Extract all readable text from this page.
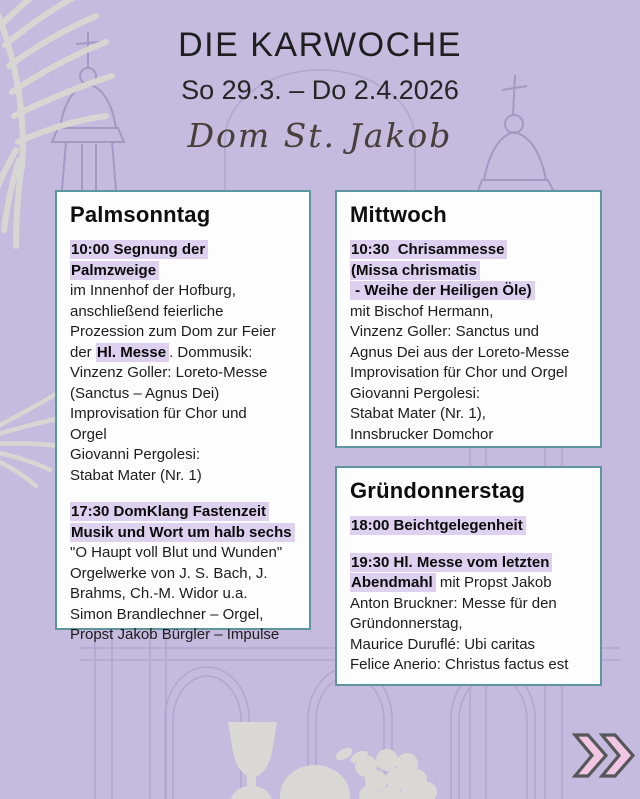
DIE KARWOCHE
So 29.3. – Do 2.4.2026
Dom St. Jakob
Palmsonntag

10:00 Segnung der Palmzweige
im Innenhof der Hofburg,
anschließend feierliche
Prozession zum Dom zur Feier
der Hl. Messe . Dommusik:
Vinzenz Goller: Loreto-Messe
(Sanctus – Agnus Dei)
Improvisation für Chor und
Orgel
Giovanni Pergolesi:
Stabat Mater (Nr. 1)

17:30 DomKlang Fastenzeit
Musik und Wort um halb sechs
"O Haupt voll Blut und Wunden"
Orgelwerke von J. S. Bach, J.
Brahms, Ch.-M. Widor u.a.
Simon Brandlechner – Orgel,
Propst Jakob Bürgler – Impulse

Mittwoch

10:30  Chrisammesse
(Missa chrismatis
- Weihe der Heiligen Öle)
mit Bischof Hermann,
Vinzenz Goller: Sanctus und
Agnus Dei aus der Loreto-Messe
Improvisation für Chor und Orgel
Giovanni Pergolesi:
Stabat Mater (Nr. 1),
Innsbrucker Domchor

Gründonnerstag

18:00 Beichtgelegenheit

19:30 Hl. Messe vom letzten
Abendmahl mit Propst Jakob
Anton Bruckner: Messe für den
Gründonnerstag,
Maurice Duruflé: Ubi caritas
Felice Anerio: Christus factus est
